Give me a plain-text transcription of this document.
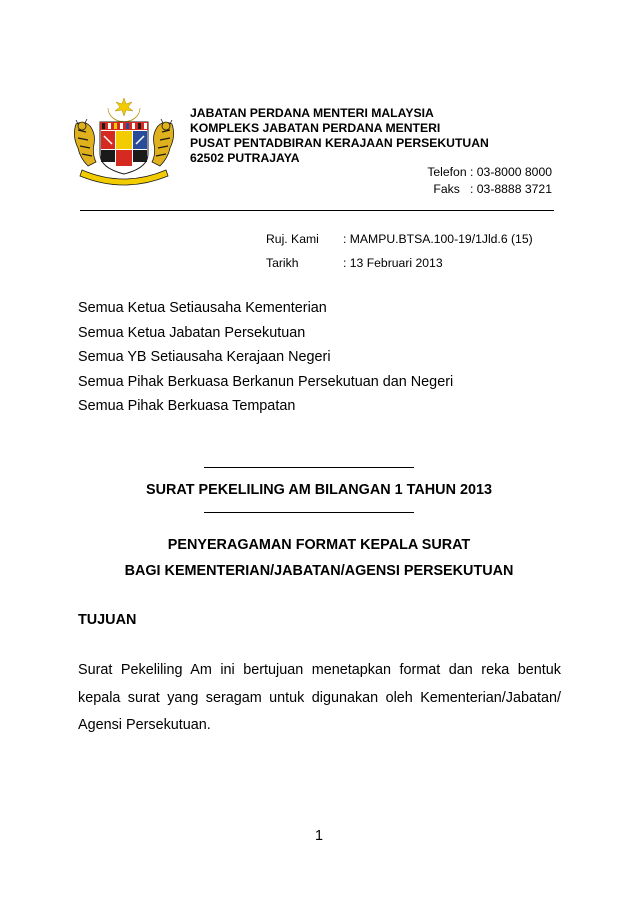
JABATAN PERDANA MENTERI MALAYSIA
KOMPLEKS JABATAN PERDANA MENTERI
PUSAT PENTADBIRAN KERAJAAN PERSEKUTUAN
62502 PUTRAJAYA
Telefon : 03-8000 8000
Faks   : 03-8888 3721
Ruj. Kami : MAMPU.BTSA.100-19/1Jld.6 (15)
Tarikh	: 13 Februari 2013
Semua Ketua Setiausaha Kementerian
Semua Ketua Jabatan Persekutuan
Semua YB Setiausaha Kerajaan Negeri
Semua Pihak Berkuasa Berkanun Persekutuan dan Negeri
Semua Pihak Berkuasa Tempatan
SURAT PEKELILING AM BILANGAN 1 TAHUN 2013
PENYERAGAMAN FORMAT KEPALA SURAT
BAGI KEMENTERIAN/JABATAN/AGENSI PERSEKUTUAN
TUJUAN
Surat Pekeliling Am ini bertujuan menetapkan format dan reka bentuk kepala surat yang seragam untuk digunakan oleh Kementerian/Jabatan/ Agensi Persekutuan.
1
